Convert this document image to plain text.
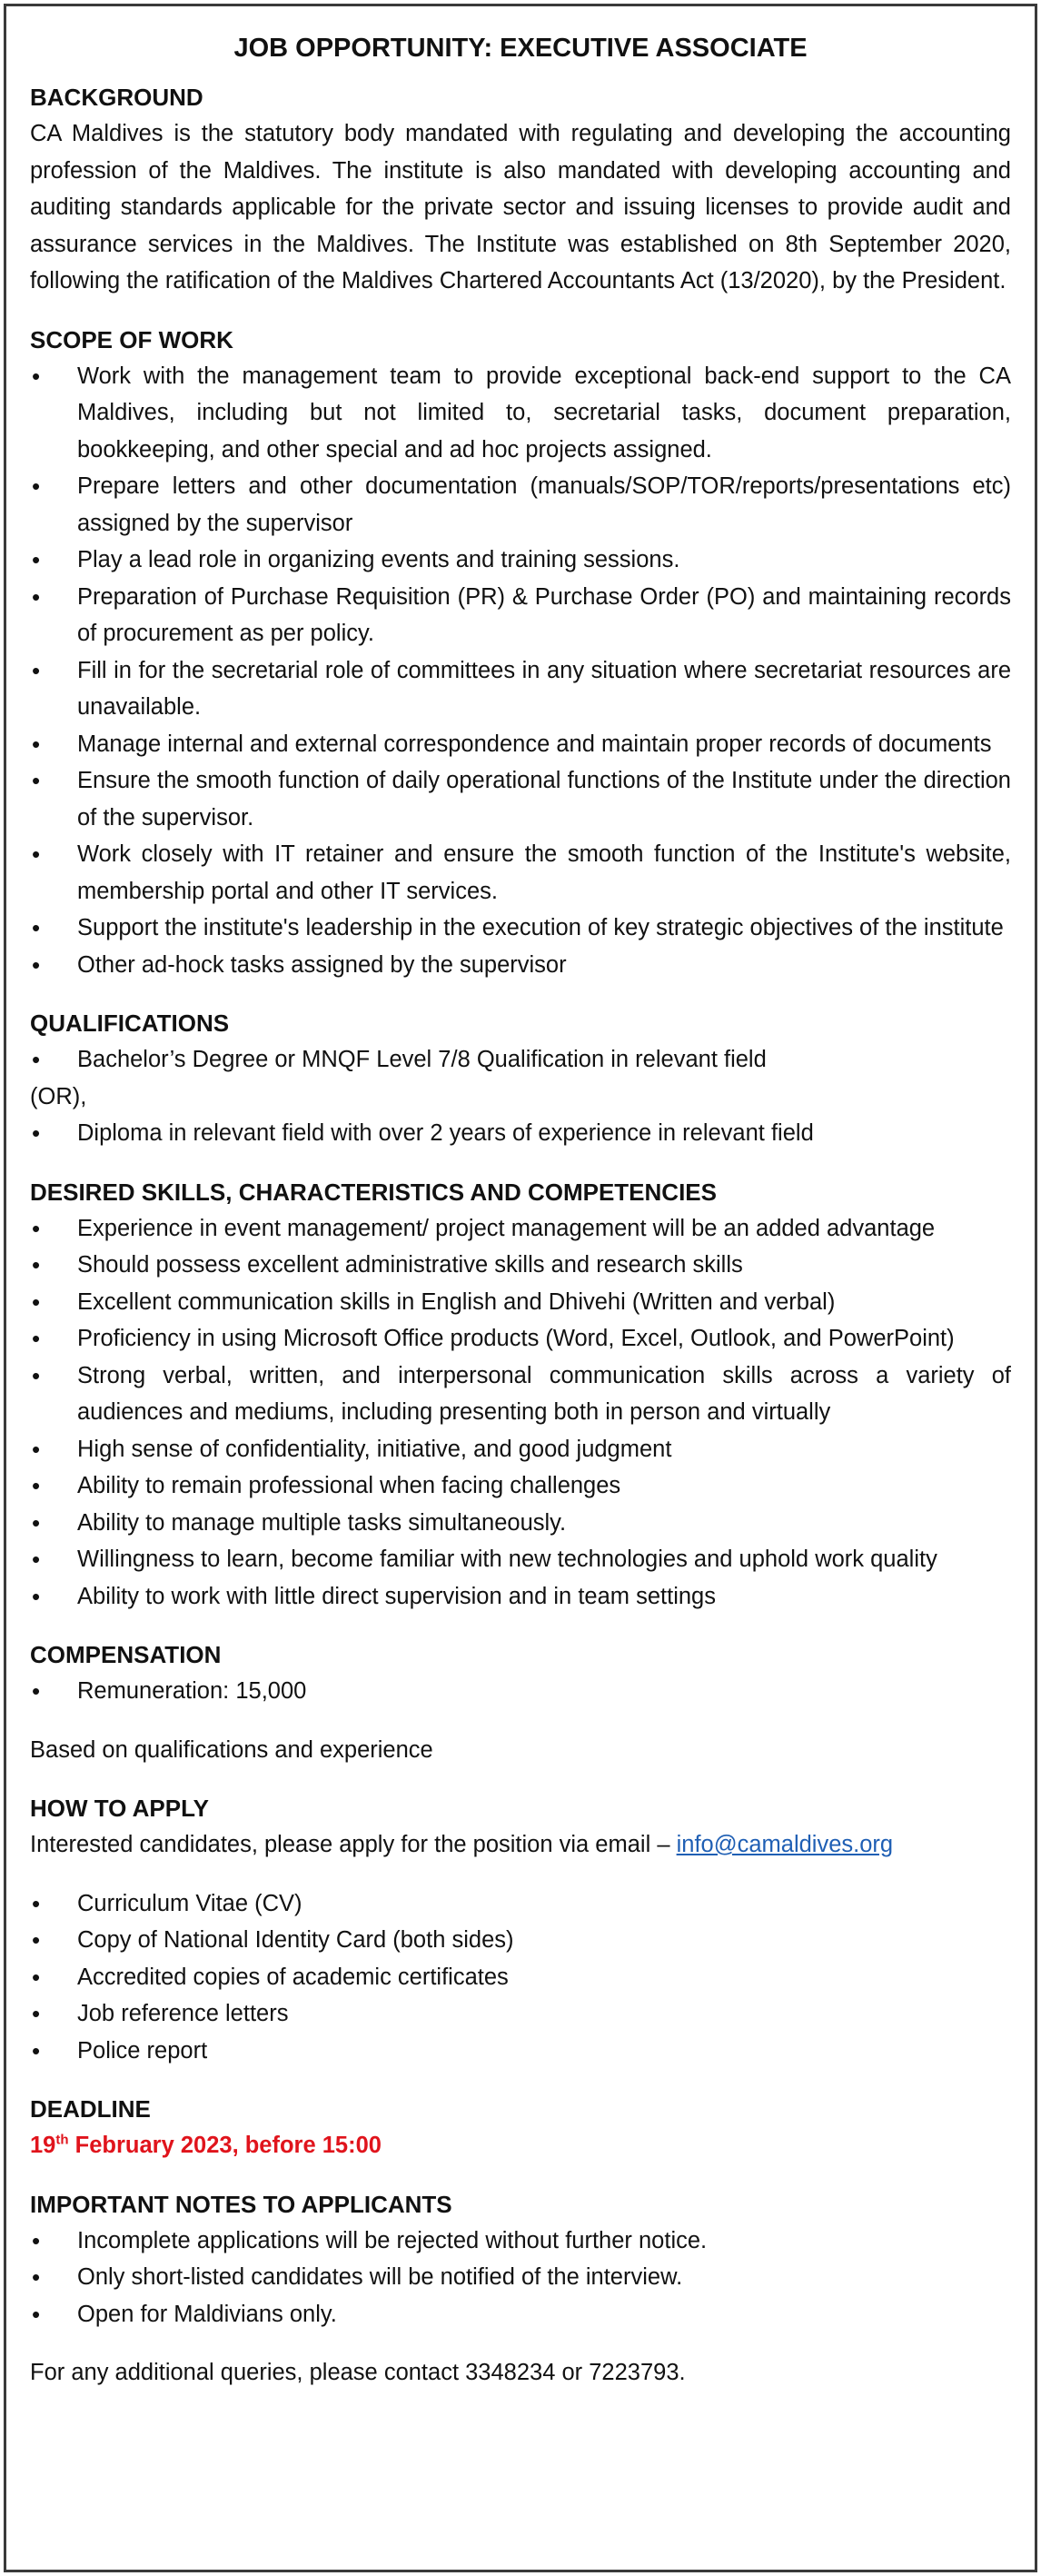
JOB OPPORTUNITY: EXECUTIVE ASSOCIATE

BACKGROUND

CA Maldives is the statutory body mandated with regulating and developing the accounting profession of the Maldives. The institute is also mandated with developing accounting and auditing standards applicable for the private sector and issuing licenses to provide audit and assurance services in the Maldives. The Institute was established on 8th September 2020, following the ratification of the Maldives Chartered Accountants Act (13/2020), by the President.

SCOPE OF WORK

• Work with the management team to provide exceptional back-end support to the CA Maldives, including but not limited to, secretarial tasks, document preparation, bookkeeping, and other special and ad hoc projects assigned.
• Prepare letters and other documentation (manuals/SOP/TOR/reports/presentations etc) assigned by the supervisor
• Play a lead role in organizing events and training sessions.
• Preparation of Purchase Requisition (PR) & Purchase Order (PO) and maintaining records of procurement as per policy.
• Fill in for the secretarial role of committees in any situation where secretariat resources are unavailable.
• Manage internal and external correspondence and maintain proper records of documents
• Ensure the smooth function of daily operational functions of the Institute under the direction of the supervisor.
• Work closely with IT retainer and ensure the smooth function of the Institute's website, membership portal and other IT services.
• Support the institute's leadership in the execution of key strategic objectives of the institute
• Other ad-hock tasks assigned by the supervisor

QUALIFICATIONS

• Bachelor’s Degree or MNQF Level 7/8 Qualification in relevant field

(OR),

• Diploma in relevant field with over 2 years of experience in relevant field

DESIRED SKILLS, CHARACTERISTICS AND COMPETENCIES

• Experience in event management/ project management will be an added advantage
• Should possess excellent administrative skills and research skills
• Excellent communication skills in English and Dhivehi (Written and verbal)
• Proficiency in using Microsoft Office products (Word, Excel, Outlook, and PowerPoint)
• Strong verbal, written, and interpersonal communication skills across a variety of audiences and mediums, including presenting both in person and virtually
• High sense of confidentiality, initiative, and good judgment
• Ability to remain professional when facing challenges
• Ability to manage multiple tasks simultaneously.
• Willingness to learn, become familiar with new technologies and uphold work quality
• Ability to work with little direct supervision and in team settings

COMPENSATION

• Remuneration: 15,000

Based on qualifications and experience

HOW TO APPLY

Interested candidates, please apply for the position via email – info@camaldives.org

• Curriculum Vitae (CV)
• Copy of National Identity Card (both sides)
• Accredited copies of academic certificates
• Job reference letters
• Police report

DEADLINE

19th February 2023, before 15:00

IMPORTANT NOTES TO APPLICANTS

• Incomplete applications will be rejected without further notice.
• Only short-listed candidates will be notified of the interview.
• Open for Maldivians only.

For any additional queries, please contact 3348234 or 7223793.
